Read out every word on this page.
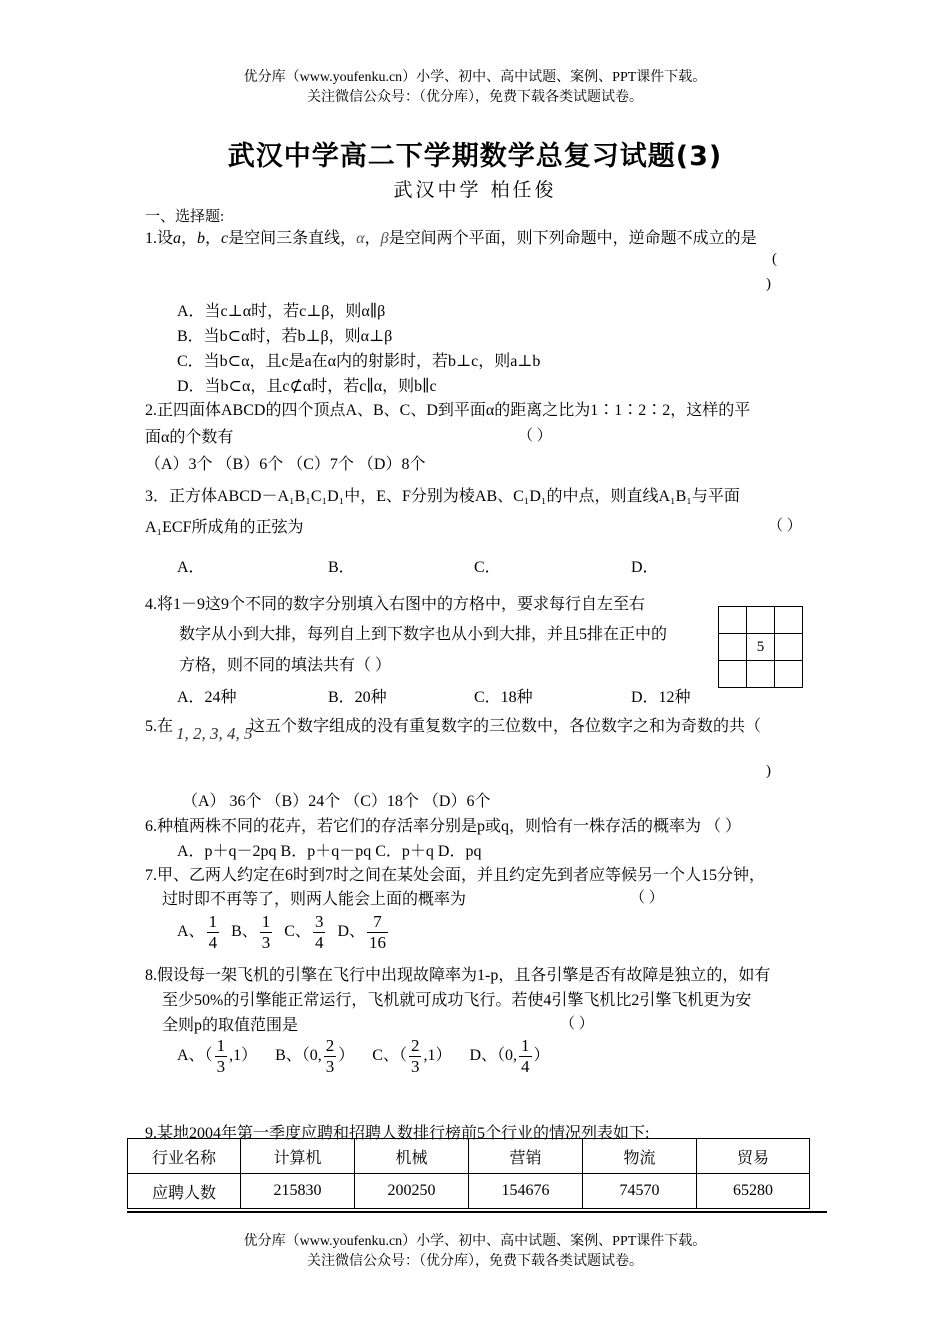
优分库（www.youfenku.cn）小学、初中、高中试题、案例、PPT课件下载。
关注微信公众号：（优分库），免费下载各类试题试卷。
武汉中学高二下学期数学总复习试题(3)
武汉中学 柏任俊
一、选择题:
1.设a，b，c是空间三条直线，α，β是空间两个平面，则下列命题中，逆命题不成立的是
(
)
A．当c⊥α时，若c⊥β，则α∥β
B．当b⊂α时，若b⊥β，则α⊥β
C．当b⊂α，且c是a在α内的射影时，若b⊥c，则a⊥b
D．当b⊂α，且c⊄α时，若c∥α，则b∥c
2.正四面体ABCD的四个顶点A、B、C、D到平面α的距离之比为1∶1∶2∶2，这样的平
面α的个数有	（ ）
（A）3个 （B）6个 （C）7个 （D）8个
3．正方体ABCD－A₁B₁C₁D₁中，E、F分别为棱AB、C₁D₁的中点，则直线A₁B₁与平面
A₁ECF所成角的正弦为	（ ）
A．	B．	C．	D．
4.将1－9这9个不同的数字分别填入右图中的方格中，要求每行自左至右
数字从小到大排，每列自上到下数字也从小到大排，并且5排在正中的
方格，则不同的填法共有（ ）
A．24种	B．20种	C．18种	D．12种

	5	

5.在 1, 2, 3, 4, 5
这五个数字组成的没有重复数字的三位数中，各位数字之和为奇数的共（
)
（A） 36个 （B）24个 （C）18个 （D）6个
6.种植两株不同的花卉，若它们的存活率分别是p或q，则恰有一株存活的概率为 （ ）
A．p＋q－2pq B．p＋q－pq C．p＋q D．pq
7.甲、乙两人约定在6时到7时之间在某处会面，并且约定先到者应等候另一个人15分钟，
过时即不再等了，则两人能会上面的概率为	（ ）
A、 $\frac{1}{4}$ B、 $\frac{1}{3}$ C、 $\frac{3}{4}$ D、 $\frac{7}{16}$
8.假设每一架飞机的引擎在飞行中出现故障率为1-p，且各引擎是否有故障是独立的，如有
至少50%的引擎能正常运行，飞机就可成功飞行。若使4引擎飞机比2引擎飞机更为安
全则p的取值范围是	（ ）
A、（ $\frac{1}{3} ,1$） B、（0, $\frac{2}{3}$ ） C、（ $\frac{2}{3} ,1$） D、（0, $\frac{1}{4}$ ）
9.某地2004年第一季度应聘和招聘人数排行榜前5个行业的情况列表如下:
行业名称	计算机	机械	营销	物流	贸易
应聘人数	215830	200250	154676	74570	65280
优分库（www.youfenku.cn）小学、初中、高中试题、案例、PPT课件下载。
关注微信公众号：（优分库），免费下载各类试题试卷。
